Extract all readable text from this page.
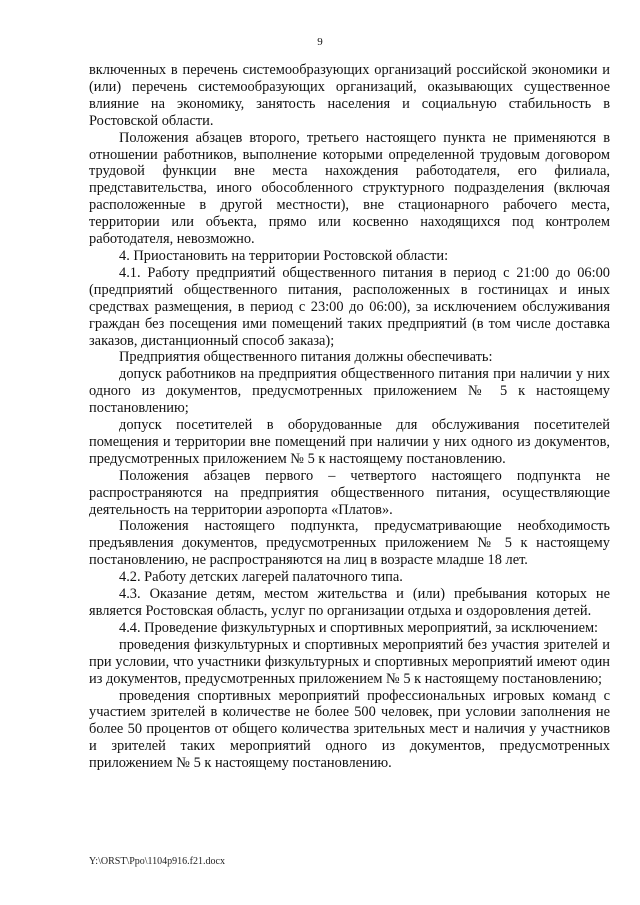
9

включенных в перечень системообразующих организаций российской экономики и (или) перечень системообразующих организаций, оказывающих существенное влияние на экономику, занятость населения и социальную стабильность в Ростовской области.

Положения абзацев второго, третьего настоящего пункта не применяются в отношении работников, выполнение которыми определенной трудовым договором трудовой функции вне места нахождения работодателя, его филиала, представительства, иного обособленного структурного подразделения (включая расположенные в другой местности), вне стационарного рабочего места, территории или объекта, прямо или косвенно находящихся под контролем работодателя, невозможно.

4. Приостановить на территории Ростовской области:

4.1. Работу предприятий общественного питания в период с 21:00 до 06:00 (предприятий общественного питания, расположенных в гостиницах и иных средствах размещения, в период с 23:00 до 06:00), за исключением обслуживания граждан без посещения ими помещений таких предприятий (в том числе доставка заказов, дистанционный способ заказа);

Предприятия общественного питания должны обеспечивать:

допуск работников на предприятия общественного питания при наличии у них одного из документов, предусмотренных приложением № 5 к настоящему постановлению;

допуск посетителей в оборудованные для обслуживания посетителей помещения и территории вне помещений при наличии у них одного из документов, предусмотренных приложением № 5 к настоящему постановлению.

Положения абзацев первого – четвертого настоящего подпункта не распространяются на предприятия общественного питания, осуществляющие деятельность на территории аэропорта «Платов».

Положения настоящего подпункта, предусматривающие необходимость предъявления документов, предусмотренных приложением № 5 к настоящему постановлению, не распространяются на лиц в возрасте младше 18 лет.

4.2. Работу детских лагерей палаточного типа.

4.3. Оказание детям, местом жительства и (или) пребывания которых не является Ростовская область, услуг по организации отдыха и оздоровления детей.

4.4. Проведение физкультурных и спортивных мероприятий, за исключением:

проведения физкультурных и спортивных мероприятий без участия зрителей и при условии, что участники физкультурных и спортивных мероприятий имеют один из документов, предусмотренных приложением № 5 к настоящему постановлению;

проведения спортивных мероприятий профессиональных игровых команд с участием зрителей в количестве не более 500 человек, при условии заполнения не более 50 процентов от общего количества зрительных мест и наличия у участников и зрителей таких мероприятий одного из документов, предусмотренных приложением № 5 к настоящему постановлению.

Y:\ORST\Ppo\1104p916.f21.docx
